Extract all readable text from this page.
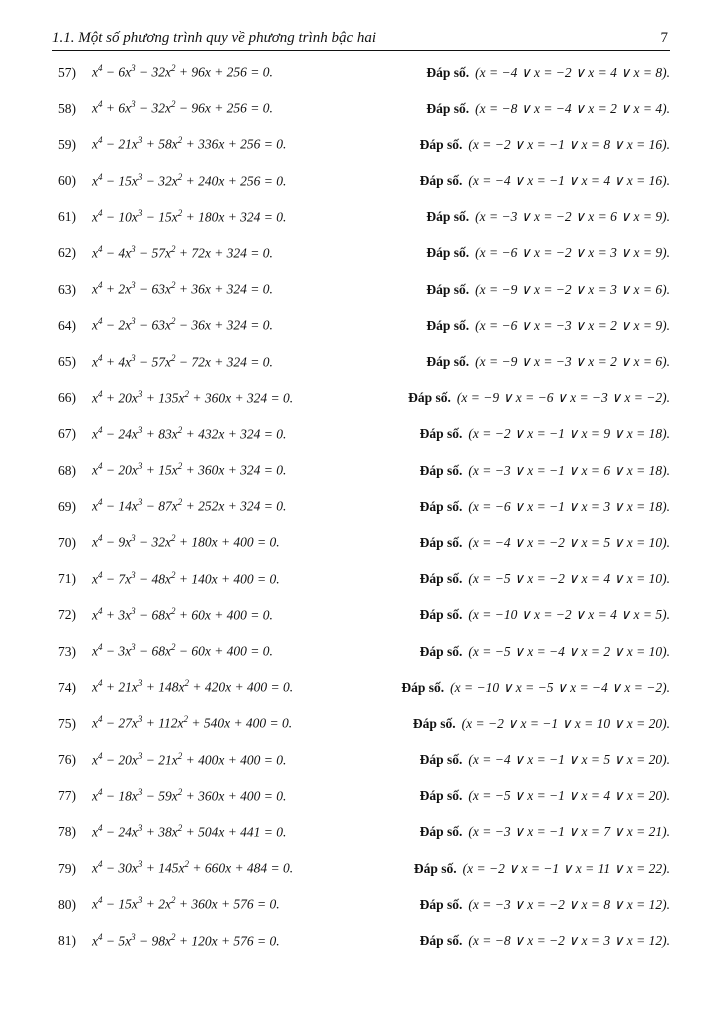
1.1. Một số phương trình quy về phương trình bậc hai	7
57)	$x^4 - 6x^3 - 32x^2 + 96x + 256 = 0$.	Đáp số. (x = −4 ∨ x = −2 ∨ x = 4 ∨ x = 8).
58)	$x^4 + 6x^3 - 32x^2 - 96x + 256 = 0$.	Đáp số. (x = −8 ∨ x = −4 ∨ x = 2 ∨ x = 4).
59)	$x^4 - 21x^3 + 58x^2 + 336x + 256 = 0$.	Đáp số. (x = −2 ∨ x = −1 ∨ x = 8 ∨ x = 16).
60)	$x^4 - 15x^3 - 32x^2 + 240x + 256 = 0$.	Đáp số. (x = −4 ∨ x = −1 ∨ x = 4 ∨ x = 16).
61)	$x^4 - 10x^3 - 15x^2 + 180x + 324 = 0$.	Đáp số. (x = −3 ∨ x = −2 ∨ x = 6 ∨ x = 9).
62)	$x^4 - 4x^3 - 57x^2 + 72x + 324 = 0$.	Đáp số. (x = −6 ∨ x = −2 ∨ x = 3 ∨ x = 9).
63)	$x^4 + 2x^3 - 63x^2 + 36x + 324 = 0$.	Đáp số. (x = −9 ∨ x = −2 ∨ x = 3 ∨ x = 6).
64)	$x^4 - 2x^3 - 63x^2 - 36x + 324 = 0$.	Đáp số. (x = −6 ∨ x = −3 ∨ x = 2 ∨ x = 9).
65)	$x^4 + 4x^3 - 57x^2 - 72x + 324 = 0$.	Đáp số. (x = −9 ∨ x = −3 ∨ x = 2 ∨ x = 6).
66)	$x^4 + 20x^3 + 135x^2 + 360x + 324 = 0$.	Đáp số. (x = −9 ∨ x = −6 ∨ x = −3 ∨ x = −2).
67)	$x^4 - 24x^3 + 83x^2 + 432x + 324 = 0$.	Đáp số. (x = −2 ∨ x = −1 ∨ x = 9 ∨ x = 18).
68)	$x^4 - 20x^3 + 15x^2 + 360x + 324 = 0$.	Đáp số. (x = −3 ∨ x = −1 ∨ x = 6 ∨ x = 18).
69)	$x^4 - 14x^3 - 87x^2 + 252x + 324 = 0$.	Đáp số. (x = −6 ∨ x = −1 ∨ x = 3 ∨ x = 18).
70)	$x^4 - 9x^3 - 32x^2 + 180x + 400 = 0$.	Đáp số. (x = −4 ∨ x = −2 ∨ x = 5 ∨ x = 10).
71)	$x^4 - 7x^3 - 48x^2 + 140x + 400 = 0$.	Đáp số. (x = −5 ∨ x = −2 ∨ x = 4 ∨ x = 10).
72)	$x^4 + 3x^3 - 68x^2 + 60x + 400 = 0$.	Đáp số. (x = −10 ∨ x = −2 ∨ x = 4 ∨ x = 5).
73)	$x^4 - 3x^3 - 68x^2 - 60x + 400 = 0$.	Đáp số. (x = −5 ∨ x = −4 ∨ x = 2 ∨ x = 10).
74)	$x^4 + 21x^3 + 148x^2 + 420x + 400 = 0$.	Đáp số. (x = −10 ∨ x = −5 ∨ x = −4 ∨ x = −2).
75)	$x^4 - 27x^3 + 112x^2 + 540x + 400 = 0$.	Đáp số. (x = −2 ∨ x = −1 ∨ x = 10 ∨ x = 20).
76)	$x^4 - 20x^3 - 21x^2 + 400x + 400 = 0$.	Đáp số. (x = −4 ∨ x = −1 ∨ x = 5 ∨ x = 20).
77)	$x^4 - 18x^3 - 59x^2 + 360x + 400 = 0$.	Đáp số. (x = −5 ∨ x = −1 ∨ x = 4 ∨ x = 20).
78)	$x^4 - 24x^3 + 38x^2 + 504x + 441 = 0$.	Đáp số. (x = −3 ∨ x = −1 ∨ x = 7 ∨ x = 21).
79)	$x^4 - 30x^3 + 145x^2 + 660x + 484 = 0$.	Đáp số. (x = −2 ∨ x = −1 ∨ x = 11 ∨ x = 22).
80)	$x^4 - 15x^3 + 2x^2 + 360x + 576 = 0$.	Đáp số. (x = −3 ∨ x = −2 ∨ x = 8 ∨ x = 12).
81)	$x^4 - 5x^3 - 98x^2 + 120x + 576 = 0$.	Đáp số. (x = −8 ∨ x = −2 ∨ x = 3 ∨ x = 12).
